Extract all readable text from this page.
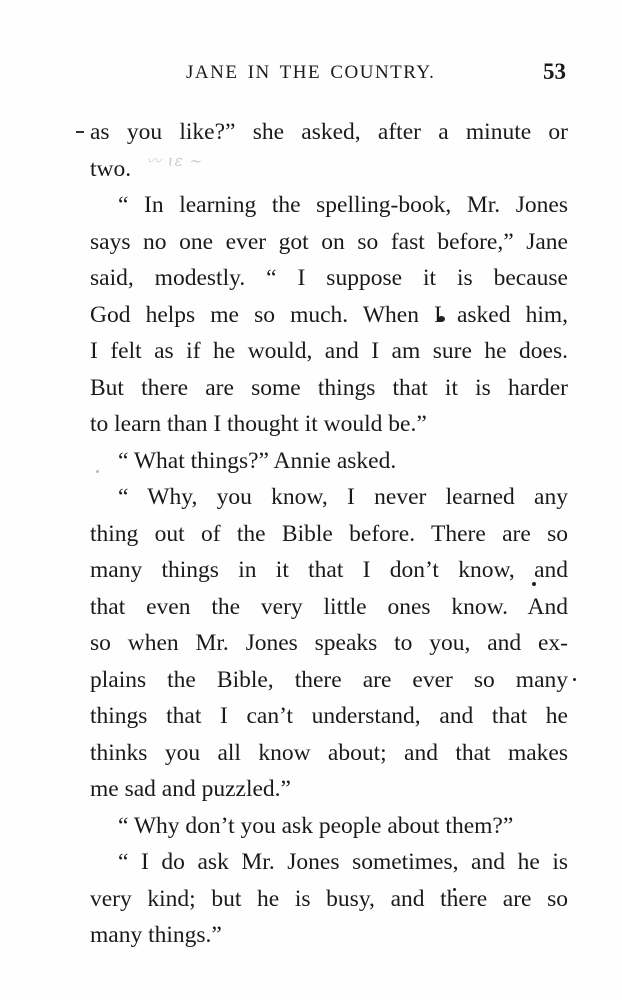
JANE IN THE COUNTRY.	53
〰 ɩɛ ∼
as you like?” she asked, after a minute or
two.
“ In learning the spelling-book, Mr. Jones
says no one ever got on so fast before,” Jane
said, modestly. “ I suppose it is because
God helps me so much. When I asked him,
I felt as if he would, and I am sure he does.
But there are some things that it is harder
to learn than I thought it would be.”
“ What things?” Annie asked.
“ Why, you know, I never learned any
thing out of the Bible before. There are so
many things in it that I don’t know, and
that even the very little ones know. And
so when Mr. Jones speaks to you, and ex-
plains the Bible, there are ever so many
things that I can’t understand, and that he
thinks you all know about; and that makes
me sad and puzzled.”
“ Why don’t you ask people about them?”
“ I do ask Mr. Jones sometimes, and he is
very kind; but he is busy, and there are so
many things.”
